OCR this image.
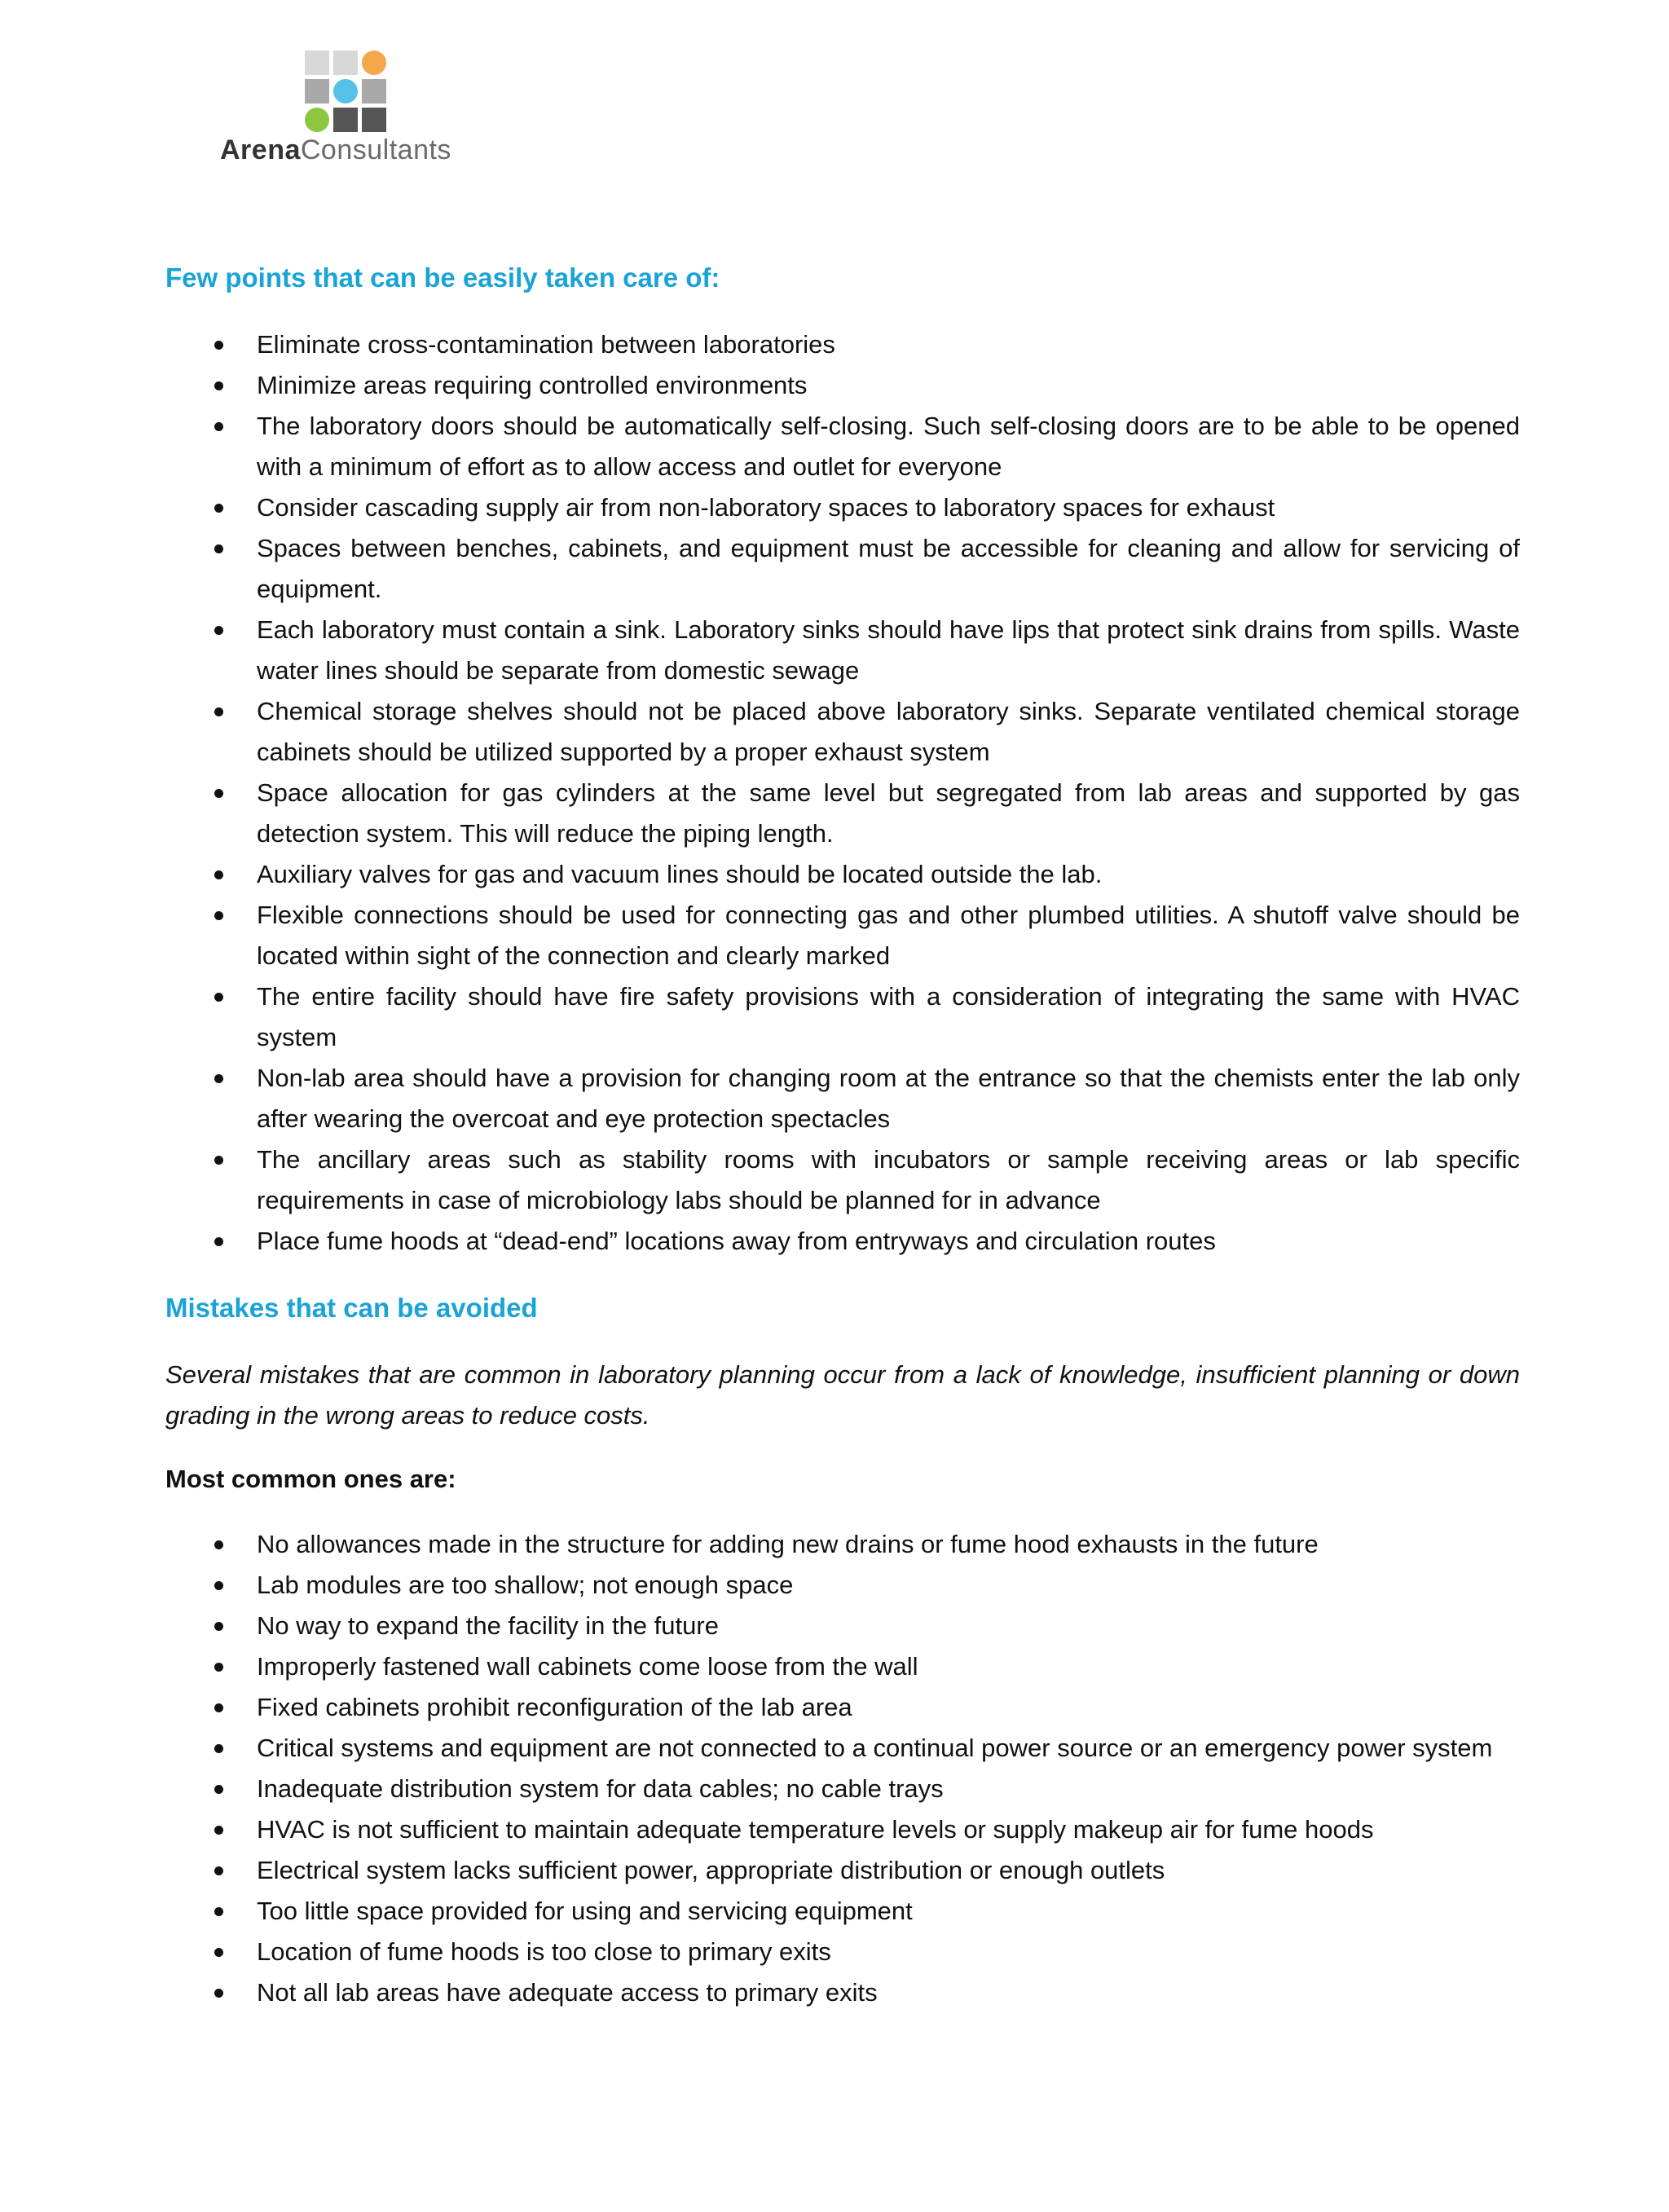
ArenaConsultants
Few points that can be easily taken care of:
Eliminate cross-contamination between laboratories
Minimize areas requiring controlled environments
The laboratory doors should be automatically self-closing. Such self-closing doors are to be able to be opened with a minimum of effort as to allow access and outlet for everyone
Consider cascading supply air from non-laboratory spaces to laboratory spaces for exhaust
Spaces between benches, cabinets, and equipment must be accessible for cleaning and allow for servicing of equipment.
Each laboratory must contain a sink. Laboratory sinks should have lips that protect sink drains from spills. Waste water lines should be separate from domestic sewage
Chemical storage shelves should not be placed above laboratory sinks. Separate ventilated chemical storage cabinets should be utilized supported by a proper exhaust system
Space allocation for gas cylinders at the same level but segregated from lab areas and supported by gas detection system. This will reduce the piping length.
Auxiliary valves for gas and vacuum lines should be located outside the lab.
Flexible connections should be used for connecting gas and other plumbed utilities. A shutoff valve should be located within sight of the connection and clearly marked
The entire facility should have fire safety provisions with a consideration of integrating the same with HVAC system
Non-lab area should have a provision for changing room at the entrance so that the chemists enter the lab only after wearing the overcoat and eye protection spectacles
The ancillary areas such as stability rooms with incubators or sample receiving areas or lab specific requirements in case of microbiology labs should be planned for in advance
Place fume hoods at “dead-end” locations away from entryways and circulation routes
Mistakes that can be avoided

Several mistakes that are common in laboratory planning occur from a lack of knowledge, insufficient planning or down grading in the wrong areas to reduce costs.

Most common ones are:

No allowances made in the structure for adding new drains or fume hood exhausts in the future
Lab modules are too shallow; not enough space
No way to expand the facility in the future
Improperly fastened wall cabinets come loose from the wall
Fixed cabinets prohibit reconfiguration of the lab area
Critical systems and equipment are not connected to a continual power source or an emergency power system
Inadequate distribution system for data cables; no cable trays
HVAC is not sufficient to maintain adequate temperature levels or supply makeup air for fume hoods
Electrical system lacks sufficient power, appropriate distribution or enough outlets
Too little space provided for using and servicing equipment
Location of fume hoods is too close to primary exits
Not all lab areas have adequate access to primary exits
